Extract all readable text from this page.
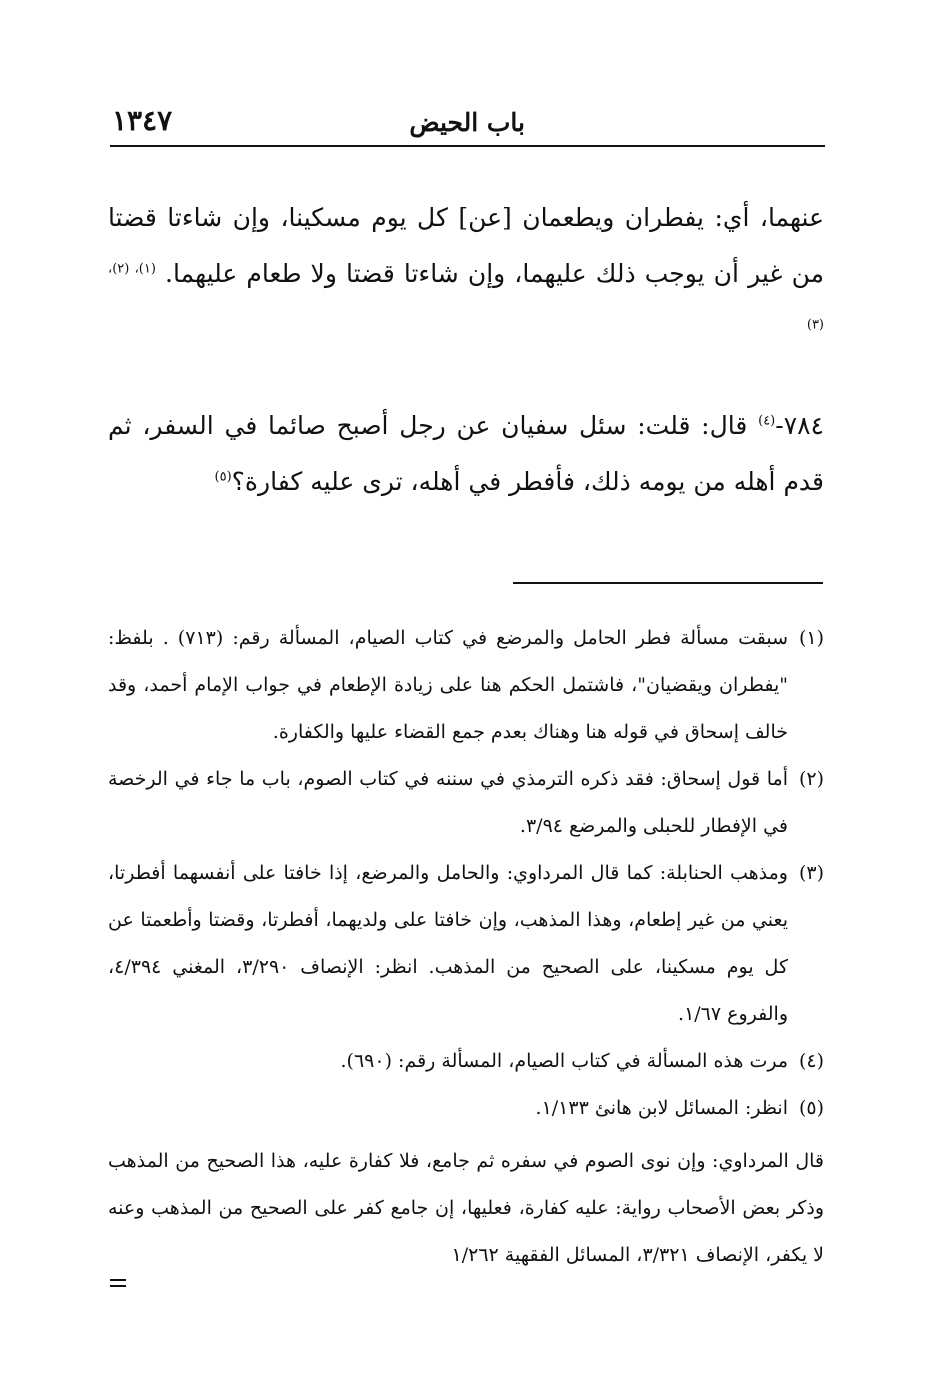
باب الحيض
١٣٤٧
عنهما، أي: يفطران ويطعمان [عن] كل يوم مسكينا، وإن شاءتا قضتا من غير أن يوجب ذلك عليهما، وإن شاءتا قضتا ولا طعام عليهما. $^{(١)، (٢)، (٣)}$
٧٨٤-$^{(٤)}$ قال: قلت: سئل سفيان عن رجل أصبح صائما في السفر، ثم قدم أهله من يومه ذلك، فأفطر في أهله، ترى عليه كفارة؟$^{(٥)}$
(١)
سبقت مسألة فطر الحامل والمرضع في كتاب الصيام، المسألة رقم: (٧١٣) . بلفظ: "يفطران ويقضيان"، فاشتمل الحكم هنا على زيادة الإطعام في جواب الإمام أحمد، وقد خالف إسحاق في قوله هنا وهناك بعدم جمع القضاء عليها والكفارة.
(٢)
أما قول إسحاق: فقد ذكره الترمذي في سننه في كتاب الصوم، باب ما جاء في الرخصة في الإفطار للحبلى والمرضع ٣/٩٤.
(٣)
ومذهب الحنابلة: كما قال المرداوي: والحامل والمرضع، إذا خافتا على أنفسهما أفطرتا، يعني من غير إطعام، وهذا المذهب، وإن خافتا على ولديهما، أفطرتا، وقضتا وأطعمتا عن كل يوم مسكينا، على الصحيح من المذهب. انظر: الإنصاف ٣/٢٩٠، المغني ٤/٣٩٤، والفروع ١/٦٧.
(٤)
مرت هذه المسألة في كتاب الصيام، المسألة رقم: (٦٩٠).
(٥)
انظر: المسائل لابن هانئ ١/١٣٣.
قال المرداوي: وإن نوى الصوم في سفره ثم جامع، فلا كفارة عليه، هذا الصحيح من المذهب وذكر بعض الأصحاب رواية: عليه كفارة، فعليها، إن جامع كفر على الصحيح من المذهب وعنه لا يكفر، الإنصاف ٣/٣٢١، المسائل الفقهية ١/٢٦٢
